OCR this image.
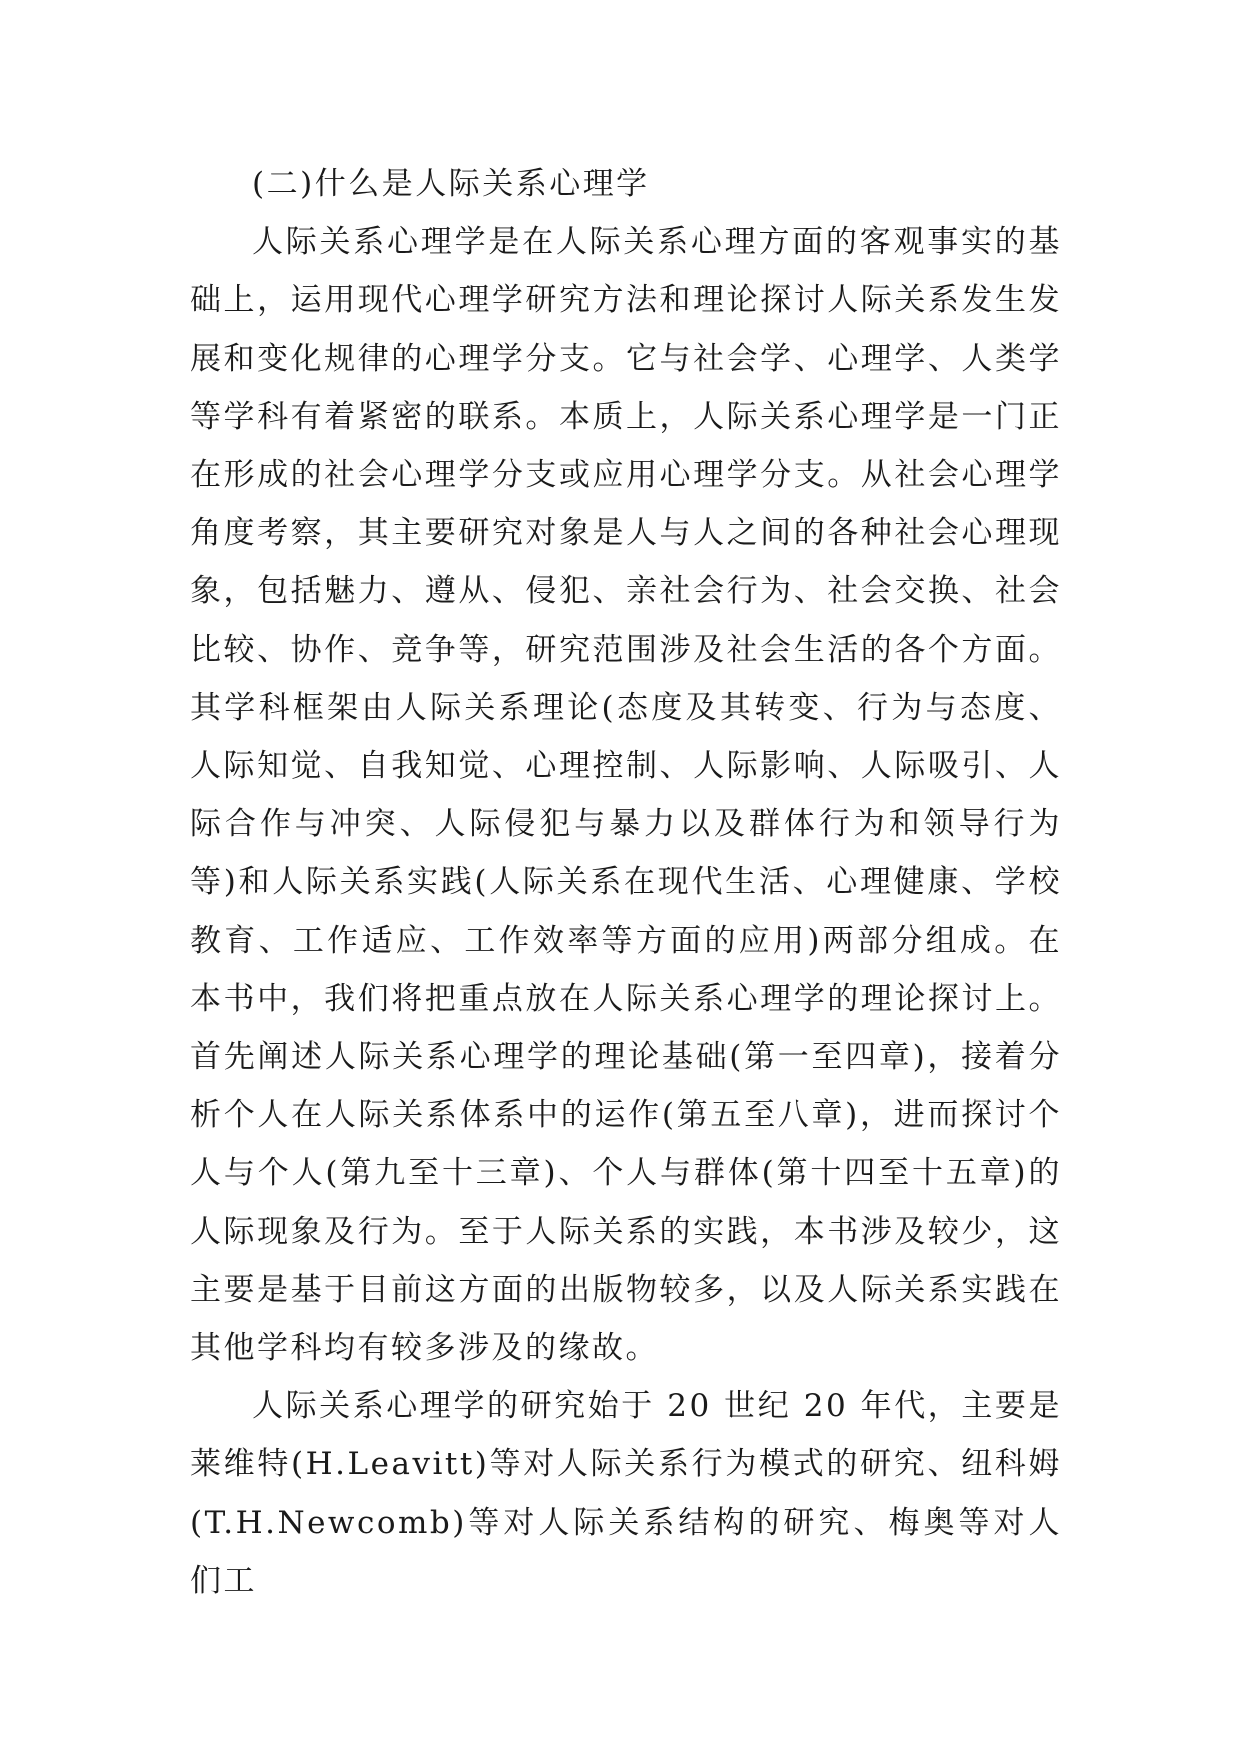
(二)什么是人际关系心理学

人际关系心理学是在人际关系心理方面的客观事实的基础上，运用现代心理学研究方法和理论探讨人际关系发生发展和变化规律的心理学分支。它与社会学、心理学、人类学等学科有着紧密的联系。本质上，人际关系心理学是一门正在形成的社会心理学分支或应用心理学分支。从社会心理学角度考察，其主要研究对象是人与人之间的各种社会心理现象，包括魅力、遵从、侵犯、亲社会行为、社会交换、社会比较、协作、竞争等，研究范围涉及社会生活的各个方面。其学科框架由人际关系理论(态度及其转变、行为与态度、人际知觉、自我知觉、心理控制、人际影响、人际吸引、人际合作与冲突、人际侵犯与暴力以及群体行为和领导行为等)和人际关系实践(人际关系在现代生活、心理健康、学校教育、工作适应、工作效率等方面的应用)两部分组成。在本书中，我们将把重点放在人际关系心理学的理论探讨上。首先阐述人际关系心理学的理论基础(第一至四章)，接着分析个人在人际关系体系中的运作(第五至八章)，进而探讨个人与个人(第九至十三章)、个人与群体(第十四至十五章)的人际现象及行为。至于人际关系的实践，本书涉及较少，这主要是基于目前这方面的出版物较多，以及人际关系实践在其他学科均有较多涉及的缘故。

人际关系心理学的研究始于 20 世纪 20 年代，主要是莱维特(H.Leavitt)等对人际关系行为模式的研究、纽科姆(T.H.Newcomb)等对人际关系结构的研究、梅奥等对人们工
